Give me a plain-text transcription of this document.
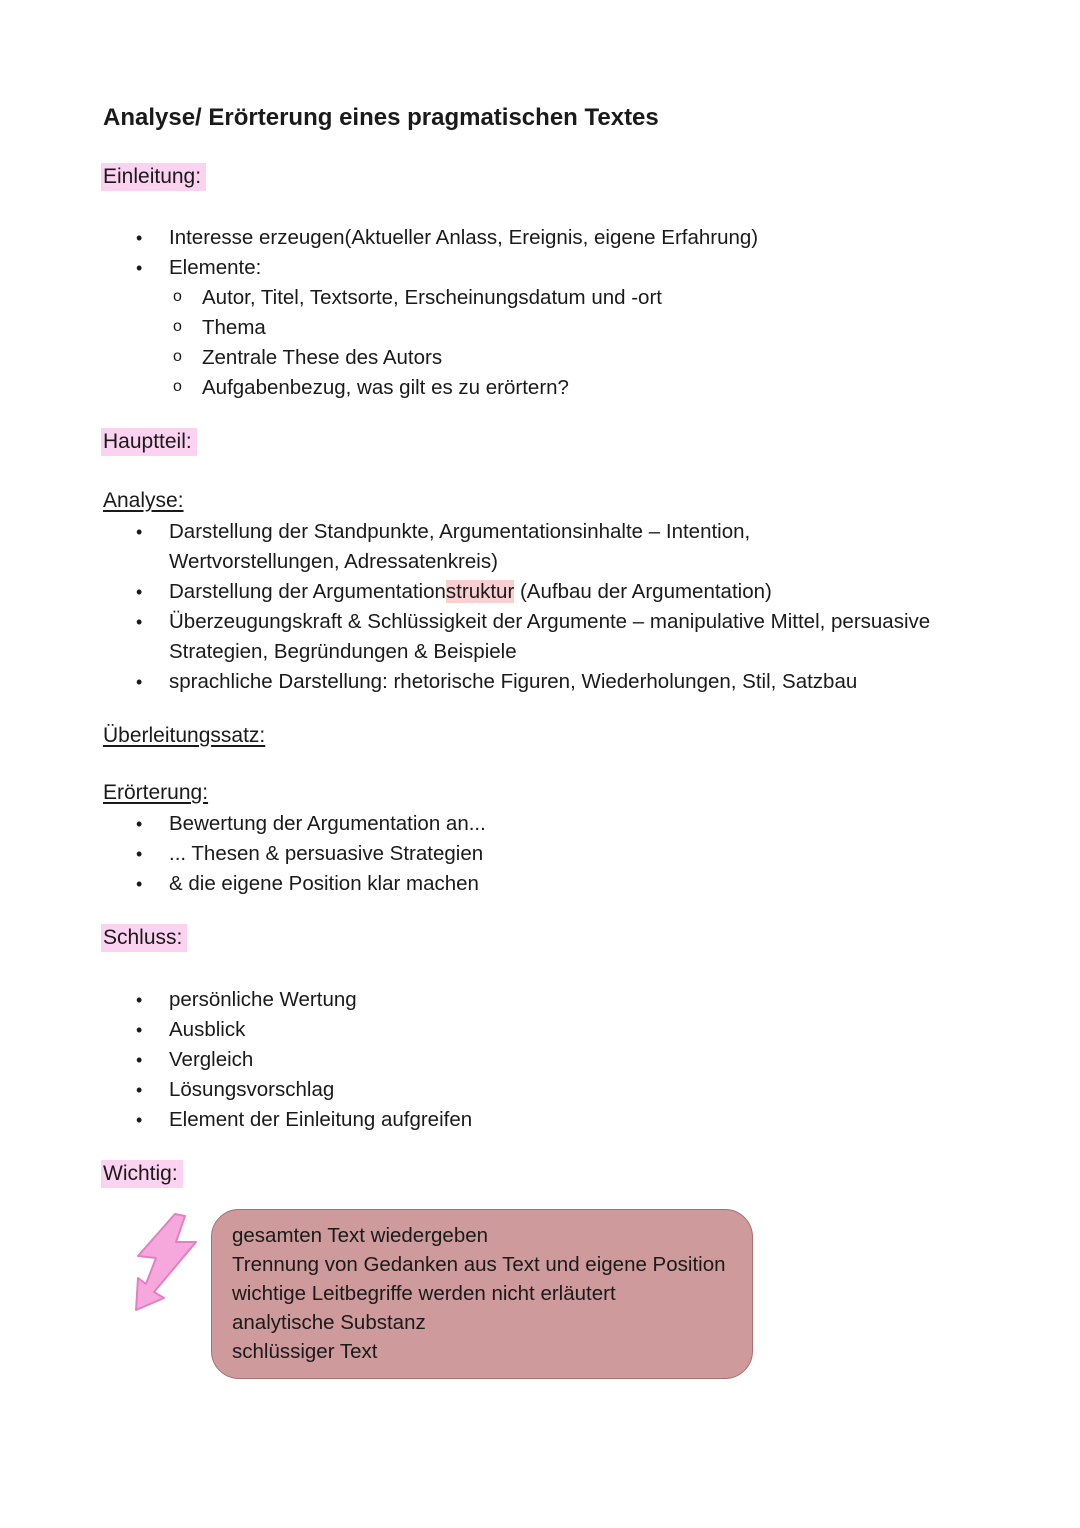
Analyse/ Erörterung eines pragmatischen Textes
Einleitung:
• Interesse erzeugen(Aktueller Anlass, Ereignis, eigene Erfahrung)
• Elemente:
o Autor, Titel, Textsorte, Erscheinungsdatum und -ort
o Thema
o Zentrale These des Autors
o Aufgabenbezug, was gilt es zu erörtern?
Hauptteil:
Analyse:
• Darstellung der Standpunkte, Argumentationsinhalte – Intention,
Wertvorstellungen, Adressatenkreis)
• Darstellung der Argumentationstruktur (Aufbau der Argumentation)
• Überzeugungskraft & Schlüssigkeit der Argumente – manipulative Mittel, persuasive
Strategien, Begründungen & Beispiele
• sprachliche Darstellung: rhetorische Figuren, Wiederholungen, Stil, Satzbau
Überleitungssatz:
Erörterung:
• Bewertung der Argumentation an...
• ... Thesen & persuasive Strategien
• & die eigene Position klar machen
Schluss:
• persönliche Wertung
• Ausblick
• Vergleich
• Lösungsvorschlag
• Element der Einleitung aufgreifen
Wichtig:
gesamten Text wiedergeben
Trennung von Gedanken aus Text und eigene Position
wichtige Leitbegriffe werden nicht erläutert
analytische Substanz
schlüssiger Text
